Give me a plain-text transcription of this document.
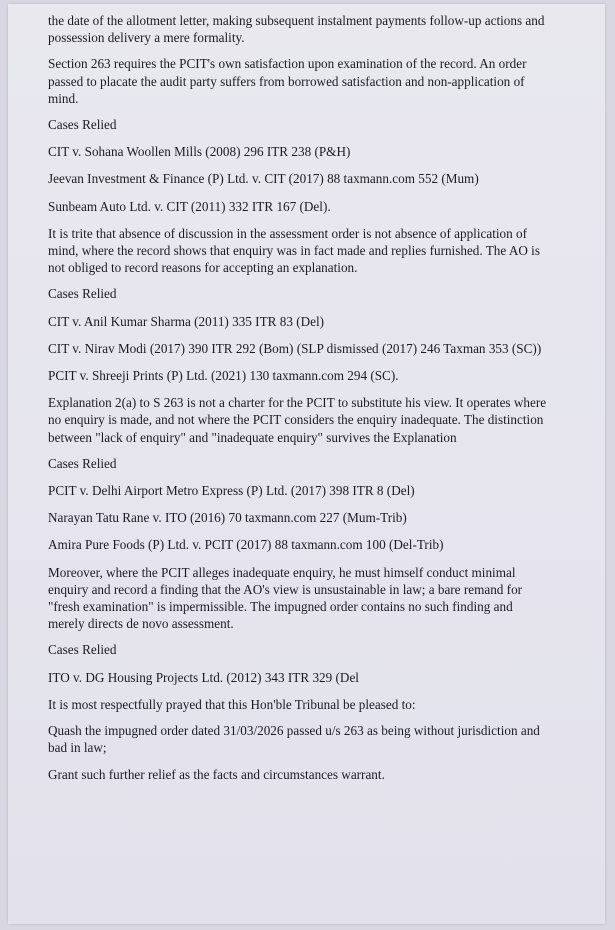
the date of the allotment letter, making subsequent instalment payments follow-up actions and possession delivery a mere formality.

Section 263 requires the PCIT's own satisfaction upon examination of the record. An order passed to placate the audit party suffers from borrowed satisfaction and non-application of mind.

Cases Relied

CIT v. Sohana Woollen Mills (2008) 296 ITR 238 (P&H)

Jeevan Investment & Finance (P) Ltd. v. CIT (2017) 88 taxmann.com 552 (Mum)

Sunbeam Auto Ltd. v. CIT (2011) 332 ITR 167 (Del).

It is trite that absence of discussion in the assessment order is not absence of application of mind, where the record shows that enquiry was in fact made and replies furnished. The AO is not obliged to record reasons for accepting an explanation.

Cases Relied

CIT v. Anil Kumar Sharma (2011) 335 ITR 83 (Del)

CIT v. Nirav Modi (2017) 390 ITR 292 (Bom) (SLP dismissed (2017) 246 Taxman 353 (SC))

PCIT v. Shreeji Prints (P) Ltd. (2021) 130 taxmann.com 294 (SC).

Explanation 2(a) to S 263 is not a charter for the PCIT to substitute his view. It operates where no enquiry is made, and not where the PCIT considers the enquiry inadequate. The distinction between "lack of enquiry" and "inadequate enquiry" survives the Explanation

Cases Relied

PCIT v. Delhi Airport Metro Express (P) Ltd. (2017) 398 ITR 8 (Del)

Narayan Tatu Rane v. ITO (2016) 70 taxmann.com 227 (Mum-Trib)

Amira Pure Foods (P) Ltd. v. PCIT (2017) 88 taxmann.com 100 (Del-Trib)

Moreover, where the PCIT alleges inadequate enquiry, he must himself conduct minimal enquiry and record a finding that the AO's view is unsustainable in law; a bare remand for "fresh examination" is impermissible. The impugned order contains no such finding and merely directs de novo assessment.

Cases Relied

ITO v. DG Housing Projects Ltd. (2012) 343 ITR 329 (Del

It is most respectfully prayed that this Hon'ble Tribunal be pleased to:

Quash the impugned order dated 31/03/2026 passed u/s 263 as being without jurisdiction and bad in law;

Grant such further relief as the facts and circumstances warrant.
